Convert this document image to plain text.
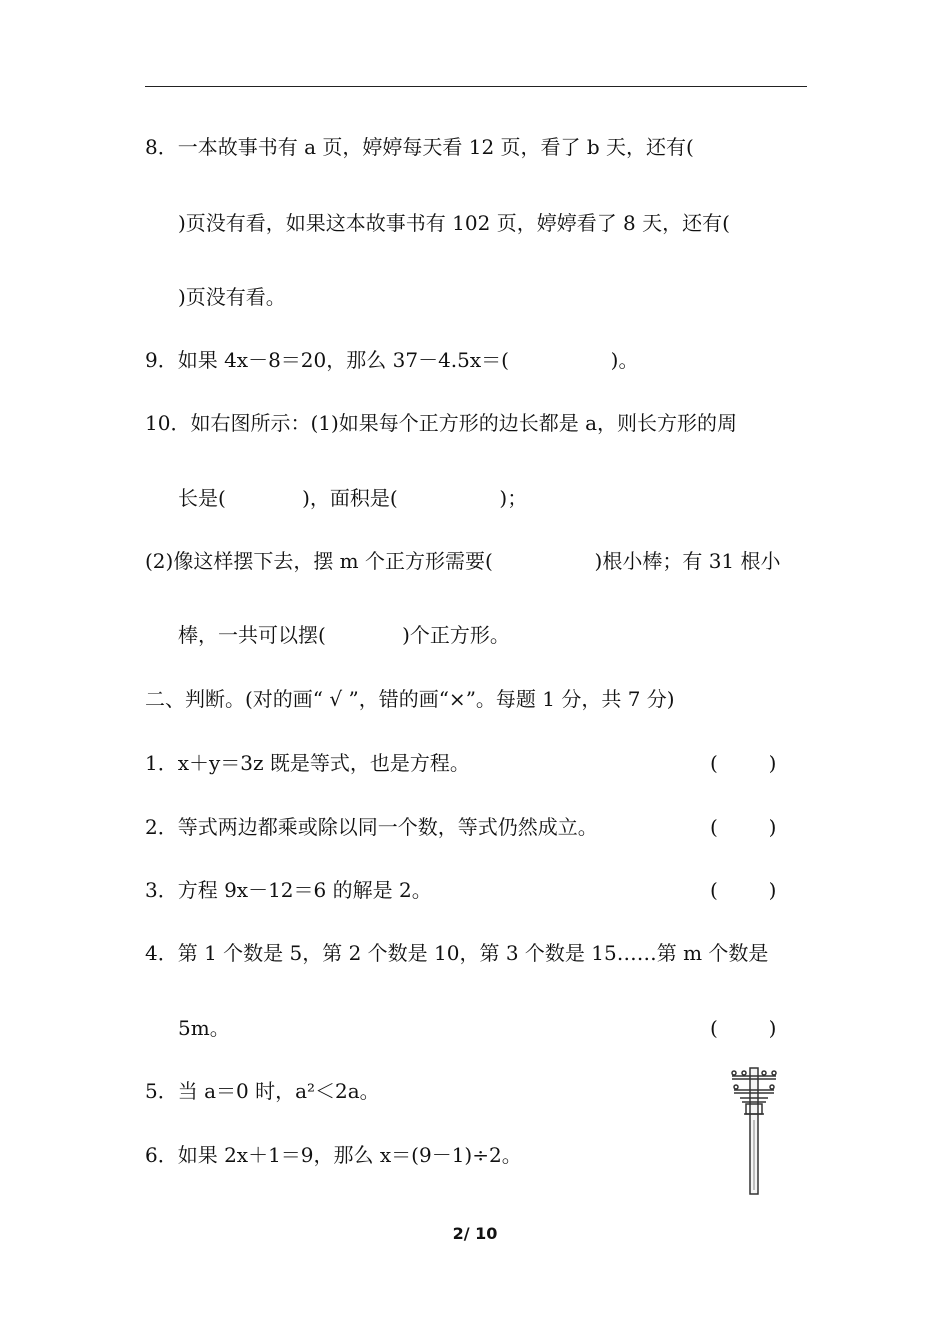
8．一本故事书有 a 页，婷婷每天看 12 页，看了 b 天，还有(
)页没有看，如果这本故事书有 102 页，婷婷看了 8 天，还有(
)页没有看。
9．如果 4x－8＝20，那么 37－4.5x＝(                )。
10．如右图所示：(1)如果每个正方形的边长都是 a，则长方形的周
长是(            )，面积是(                )；
(2)像这样摆下去，摆 m 个正方形需要(                )根小棒；有 31 根小
棒，一共可以摆(            )个正方形。
二、判断。(对的画“ √ ”，错的画“×”。每题 1 分，共 7 分)
1．x＋y＝3z 既是等式，也是方程。	(        )
2．等式两边都乘或除以同一个数，等式仍然成立。	(        )
3．方程 9x－12＝6 的解是 2。	(        )
4．第 1 个数是 5，第 2 个数是 10，第 3 个数是 15……第 m 个数是
5m。	(        )
5．当 a＝0 时，a²＜2a。
6．如果 2x＋1＝9，那么 x＝(9－1)÷2。
2/ 10
